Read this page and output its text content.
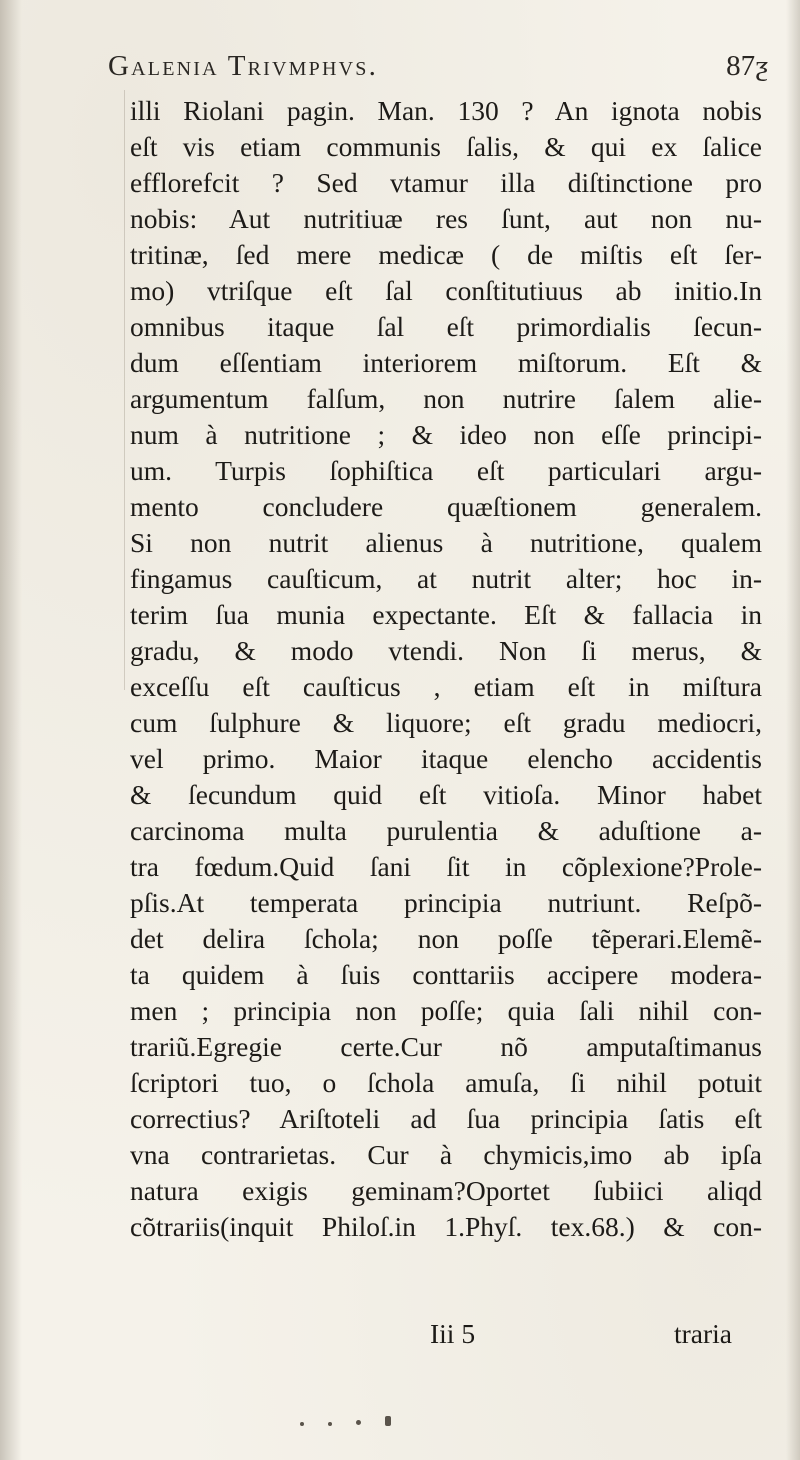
Galenia Trivmphvs.	87ƺ
illi Riolani pagin. Man. 130 ? An ignota nobis
eſt vis etiam communis ſalis, & qui ex ſalice
efflorefcit ? Sed vtamur illa diſtinctione pro
nobis: Aut nutritiuæ res ſunt, aut non nu-
tritinæ, ſed mere medicæ ( de miſtis eſt ſer-
mo) vtriſque eſt ſal conſtitutiuus ab initio.In
omnibus itaque ſal eſt primordialis ſecun-
dum eſſentiam interiorem miſtorum. Eſt &
argumentum falſum, non nutrire ſalem alie-
num à nutritione ; & ideo non eſſe principi-
um. Turpis ſophiſtica eſt particulari argu-
mento concludere quæſtionem generalem.
Si non nutrit alienus à nutritione, qualem
fingamus cauſticum, at nutrit alter; hoc in-
terim ſua munia expectante. Eſt & fallacia in
gradu, & modo vtendi. Non ſi merus, &
exceſſu eſt cauſticus , etiam eſt in miſtura
cum ſulphure & liquore; eſt gradu mediocri,
vel primo. Maior itaque elencho accidentis
& ſecundum quid eſt vitioſa. Minor habet
carcinoma multa purulentia & aduſtione a-
tra fœdum.Quid ſani ſit in cõplexione?Prole-
pſis.At temperata principia nutriunt. Reſpõ-
det delira ſchola; non poſſe tẽperari.Elemẽ-
ta quidem à ſuis conttariis accipere modera-
men ; principia non poſſe; quia ſali nihil con-
trariũ.Egregie certe.Cur nõ amputaſtimanus
ſcriptori tuo, o ſchola amuſa, ſi nihil potuit
correctius? Ariſtoteli ad ſua principia ſatis eſt
vna contrarietas. Cur à chymicis,imo ab ipſa
natura exigis geminam?Oportet ſubiici aliqd
cõtrariis(inquit Philoſ.in 1.Phyſ. tex.68.) & con-
Iii 5	traria
